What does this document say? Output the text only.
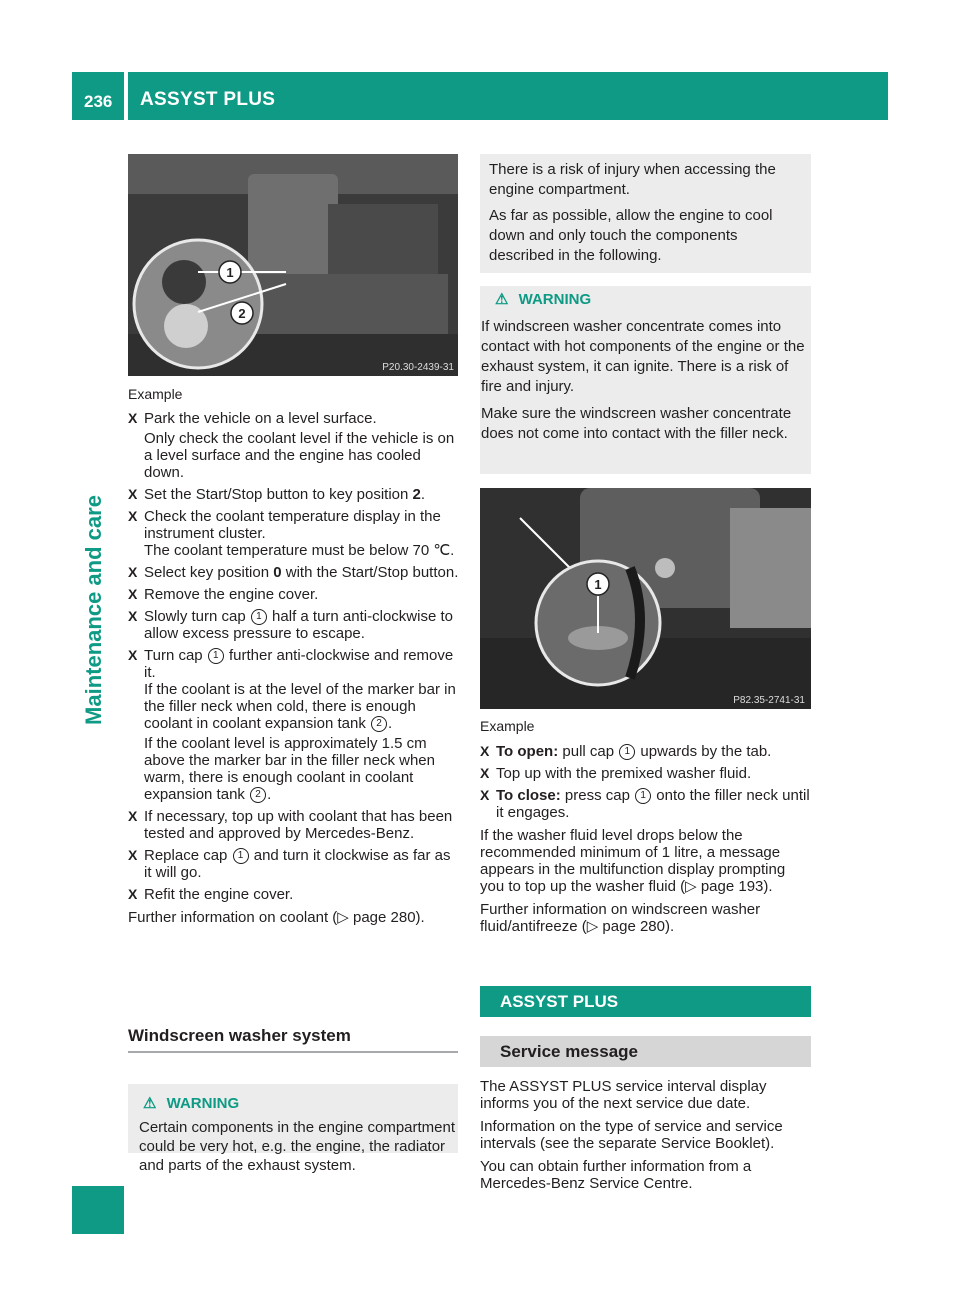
236 ASSYST PLUS
Maintenance and care
1
2
P20.30-2439-31

Example

X Park the vehicle on a level surface.
Only check the coolant level if the vehicle is on a level surface and the engine has cooled down.
X Set the Start/Stop button to key position 2.
X Check the coolant temperature display in the instrument cluster.
The coolant temperature must be below 70 ℃.
X Select key position 0 with the Start/Stop button.
X Remove the engine cover.
X Slowly turn cap 1 half a turn anti-clockwise to allow excess pressure to escape.
X Turn cap 1 further anti-clockwise and remove it.
If the coolant is at the level of the marker bar in the filler neck when cold, there is enough coolant in coolant expansion tank 2 .
If the coolant level is approximately 1.5 cm above the marker bar in the filler neck when warm, there is enough coolant in coolant expansion tank 2 .
X If necessary, top up with coolant that has been tested and approved by Mercedes-Benz.
X Replace cap 1 and turn it clockwise as far as it will go.
X Refit the engine cover.

Further information on coolant (▷ page 280).

Windscreen washer system
⚠ WARNING

Certain components in the engine compartment could be very hot, e.g. the engine, the radiator and parts of the exhaust system.

There is a risk of injury when accessing the engine compartment.

As far as possible, allow the engine to cool down and only touch the components described in the following.

⚠ WARNING

If windscreen washer concentrate comes into contact with hot components of the engine or the exhaust system, it can ignite. There is a risk of fire and injury.

Make sure the windscreen washer concentrate does not come into contact with the filler neck.

1
P82.35-2741-31

Example

X To open: pull cap 1 upwards by the tab.
X Top up with the premixed washer fluid.
X To close: press cap 1 onto the filler neck until it engages.

If the washer fluid level drops below the recommended minimum of 1 litre, a message appears in the multifunction display prompting you to top up the washer fluid (▷ page 193).

Further information on windscreen washer fluid/antifreeze (▷ page 280).

ASSYST PLUS
Service message

The ASSYST PLUS service interval display informs you of the next service due date.

Information on the type of service and service intervals (see the separate Service Booklet).

You can obtain further information from a Mercedes-Benz Service Centre.
